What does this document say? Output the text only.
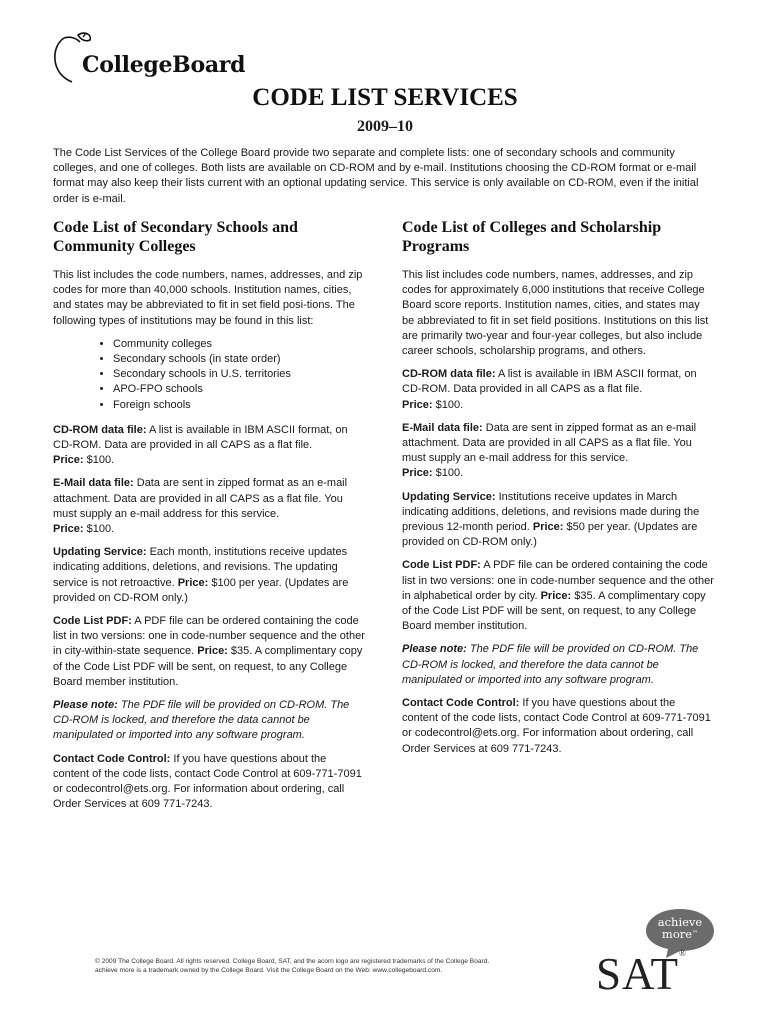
CollegeBoard
CODE LIST SERVICES
2009–10
The Code List Services of the College Board provide two separate and complete lists: one of secondary schools and community colleges, and one of colleges. Both lists are available on CD-ROM and by e-mail. Institutions choosing the CD-ROM format or e-mail format may also keep their lists current with an optional updating service. This service is only available on CD-ROM, even if the initial order is e-mail.
Code List of Secondary Schools and Community Colleges

This list includes the code numbers, names, addresses, and zip codes for more than 40,000 schools. Institution names, cities, and states may be abbreviated to fit in set field posi-tions. The following types of institutions may be found in this list:

• Community colleges
• Secondary schools (in state order)
• Secondary schools in U.S. territories
• APO-FPO schools
• Foreign schools

CD-ROM data file: A list is available in IBM ASCII format, on CD-ROM. Data are provided in all CAPS as a flat file.
Price: $100.

E-Mail data file: Data are sent in zipped format as an e-mail attachment. Data are provided in all CAPS as a flat file. You must supply an e-mail address for this service.
Price: $100.

Updating Service: Each month, institutions receive updates indicating additions, deletions, and revisions. The updating service is not retroactive. Price: $100 per year. (Updates are provided on CD-ROM only.)

Code List PDF: A PDF file can be ordered containing the code list in two versions: one in code-number sequence and the other in city-within-state sequence. Price: $35. A complimentary copy of the Code List PDF will be sent, on request, to any College Board member institution.

Please note: The PDF file will be provided on CD-ROM. The CD-ROM is locked, and therefore the data cannot be manipulated or imported into any software program.

Contact Code Control: If you have questions about the content of the code lists, contact Code Control at 609-771-7091 or codecontrol@ets.org. For information about ordering, call Order Services at 609 771-7243.

Code List of Colleges and Scholarship Programs

This list includes code numbers, names, addresses, and zip codes for approximately 6,000 institutions that receive College Board score reports. Institution names, cities, and states may be abbreviated to fit in set field positions. Institutions on this list are primarily two-year and four-year colleges, but also include career schools, scholarship programs, and others.

CD-ROM data file: A list is available in IBM ASCII format, on CD-ROM. Data provided in all CAPS as a flat file.
Price: $100.

E-Mail data file: Data are sent in zipped format as an e-mail attachment. Data are provided in all CAPS as a flat file. You must supply an e-mail address for this service.
Price: $100.

Updating Service: Institutions receive updates in March indicating additions, deletions, and revisions made during the previous 12-month period. Price: $50 per year. (Updates are provided on CD-ROM only.)

Code List PDF: A PDF file can be ordered containing the code list in two versions: one in code-number sequence and the other in alphabetical order by city. Price: $35. A complimentary copy of the Code List PDF will be sent, on request, to any College Board member institution.

Please note: The PDF file will be provided on CD-ROM. The CD-ROM is locked, and therefore the data cannot be manipulated or imported into any software program.

Contact Code Control: If you have questions about the content of the code lists, contact Code Control at 609-771-7091 or codecontrol@ets.org. For information about ordering, call Order Services at 609 771-7243.

© 2009 The College Board. All rights reserved. College Board, SAT, and the acorn logo are registered trademarks of the College Board.
achieve more is a trademark owned by the College Board. Visit the College Board on the Web: www.collegeboard.com.
achieve
more™
SAT®
